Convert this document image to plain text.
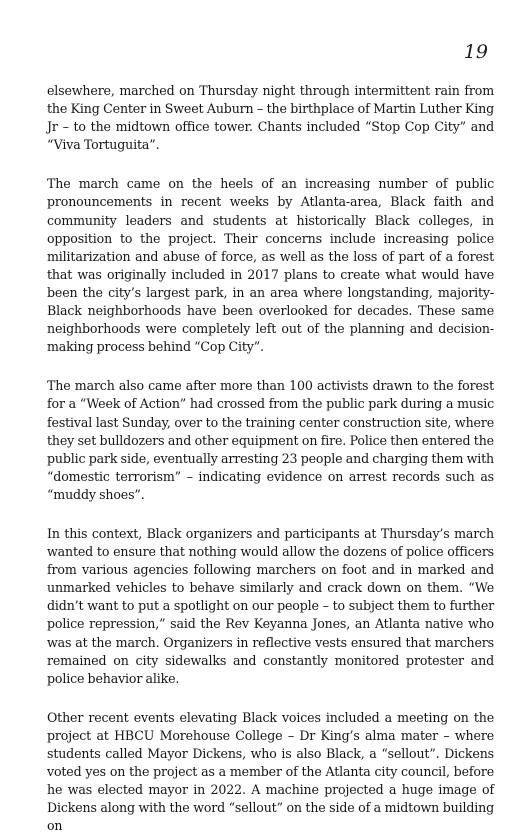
19

elsewhere, marched on Thursday night through intermittent rain from the King Center in Sweet Auburn – the birthplace of Martin Luther King Jr – to the midtown office tower. Chants included “Stop Cop City” and “Viva Tortuguita”.

The march came on the heels of an increasing number of public pronouncements in recent weeks by Atlanta-area, Black faith and community leaders and students at historically Black colleges, in opposition to the project. Their concerns include increasing police militarization and abuse of force, as well as the loss of part of a forest that was originally included in 2017 plans to create what would have been the city’s largest park, in an area where longstanding, majority-Black neighborhoods have been overlooked for decades. These same neighborhoods were completely left out of the planning and decision-making process behind “Cop City”.

The march also came after more than 100 activists drawn to the forest for a “Week of Action” had crossed from the public park during a music festival last Sunday, over to the training center construction site, where they set bulldozers and other equipment on fire. Police then entered the public park side, eventually arresting 23 people and charging them with “domestic terrorism” – indicating evidence on arrest records such as “muddy shoes”.

In this context, Black organizers and participants at Thursday’s march wanted to ensure that nothing would allow the dozens of police officers from various agencies following marchers on foot and in marked and unmarked vehicles to behave similarly and crack down on them. “We didn’t want to put a spotlight on our people – to subject them to further police repression,” said the Rev Keyanna Jones, an Atlanta native who was at the march. Organizers in reflective vests ensured that marchers remained on city sidewalks and constantly monitored protester and police behavior alike.

Other recent events elevating Black voices included a meeting on the project at HBCU Morehouse College – Dr King’s alma mater – where students called Mayor Dickens, who is also Black, a “sellout”. Dickens voted yes on the project as a member of the Atlanta city council, before he was elected mayor in 2022. A machine projected a huge image of Dickens along with the word “sellout” on the side of a midtown building on
